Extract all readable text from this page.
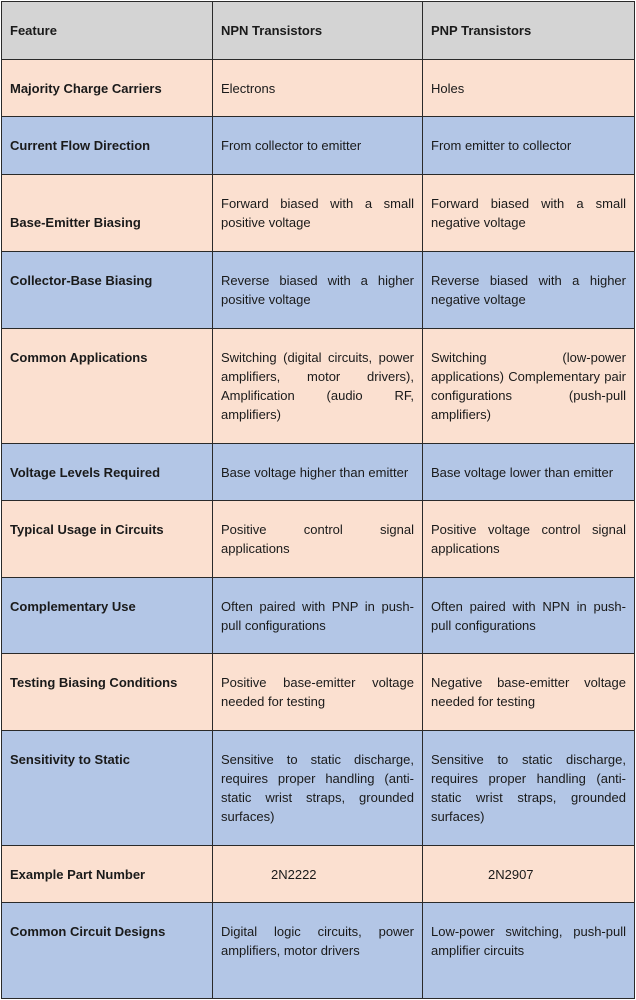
Feature	NPN Transistors	PNP Transistors
Majority Charge Carriers	Electrons	Holes
Current Flow Direction	From collector to emitter	From emitter to collector
Base-Emitter Biasing	Forward biased with a small positive voltage	Forward biased with a small negative voltage
Collector-Base Biasing	Reverse biased with a higher positive voltage	Reverse biased with a higher negative voltage
Common Applications	Switching (digital circuits, power amplifiers, motor drivers), Amplification (audio RF, amplifiers)	Switching (low-power applications) Complementary pair configurations (push-pull amplifiers)
Voltage Levels Required	Base voltage higher than emitter	Base voltage lower than emitter
Typical Usage in Circuits	Positive control signal applications	Positive voltage control signal applications
Complementary Use	Often paired with PNP in push-pull configurations	Often paired with NPN in push-pull configurations
Testing Biasing Conditions	Positive base-emitter voltage needed for testing	Negative base-emitter voltage needed for testing
Sensitivity to Static	Sensitive to static discharge, requires proper handling (anti-static wrist straps, grounded surfaces)	Sensitive to static discharge, requires proper handling (anti-static wrist straps, grounded surfaces)
Example Part Number	2N2222	2N2907
Common Circuit Designs	Digital logic circuits, power amplifiers, motor drivers	Low-power switching, push-pull amplifier circuits
